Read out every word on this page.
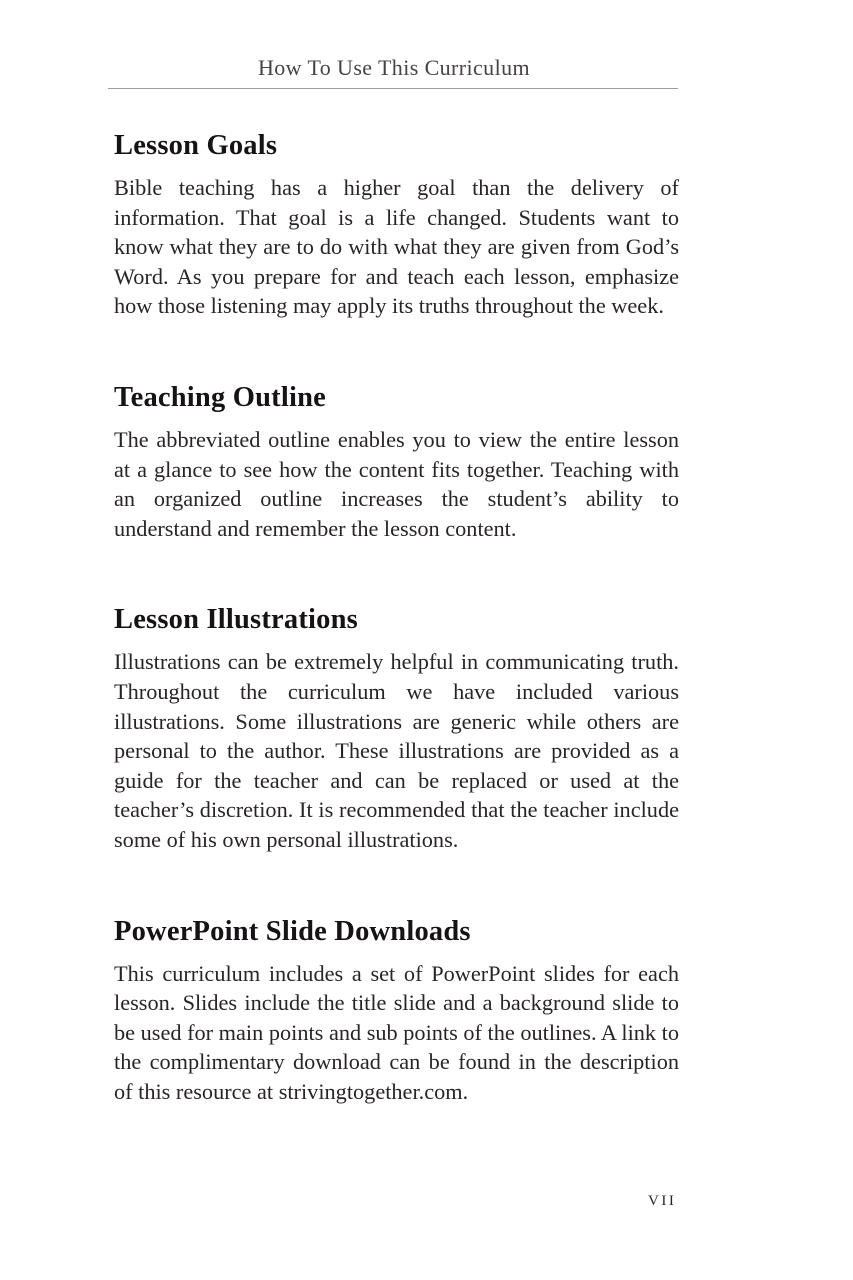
How To Use This Curriculum
Lesson Goals

Bible teaching has a higher goal than the delivery of information. That goal is a life changed. Students want to know what they are to do with what they are given from God’s Word. As you prepare for and teach each lesson, emphasize how those listening may apply its truths throughout the week.

Teaching Outline

The abbreviated outline enables you to view the entire lesson at a glance to see how the content fits together. Teaching with an organized outline increases the student’s ability to understand and remember the lesson content.

Lesson Illustrations

Illustrations can be extremely helpful in communicating truth. Throughout the curriculum we have included various illustrations. Some illustrations are generic while others are personal to the author. These illustrations are provided as a guide for the teacher and can be replaced or used at the teacher’s discretion. It is recommended that the teacher include some of his own personal illustrations.

PowerPoint Slide Downloads

This curriculum includes a set of PowerPoint slides for each lesson. Slides include the title slide and a background slide to be used for main points and sub points of the outlines. A link to the complimentary download can be found in the description of this resource at strivingtogether.com.

VII
